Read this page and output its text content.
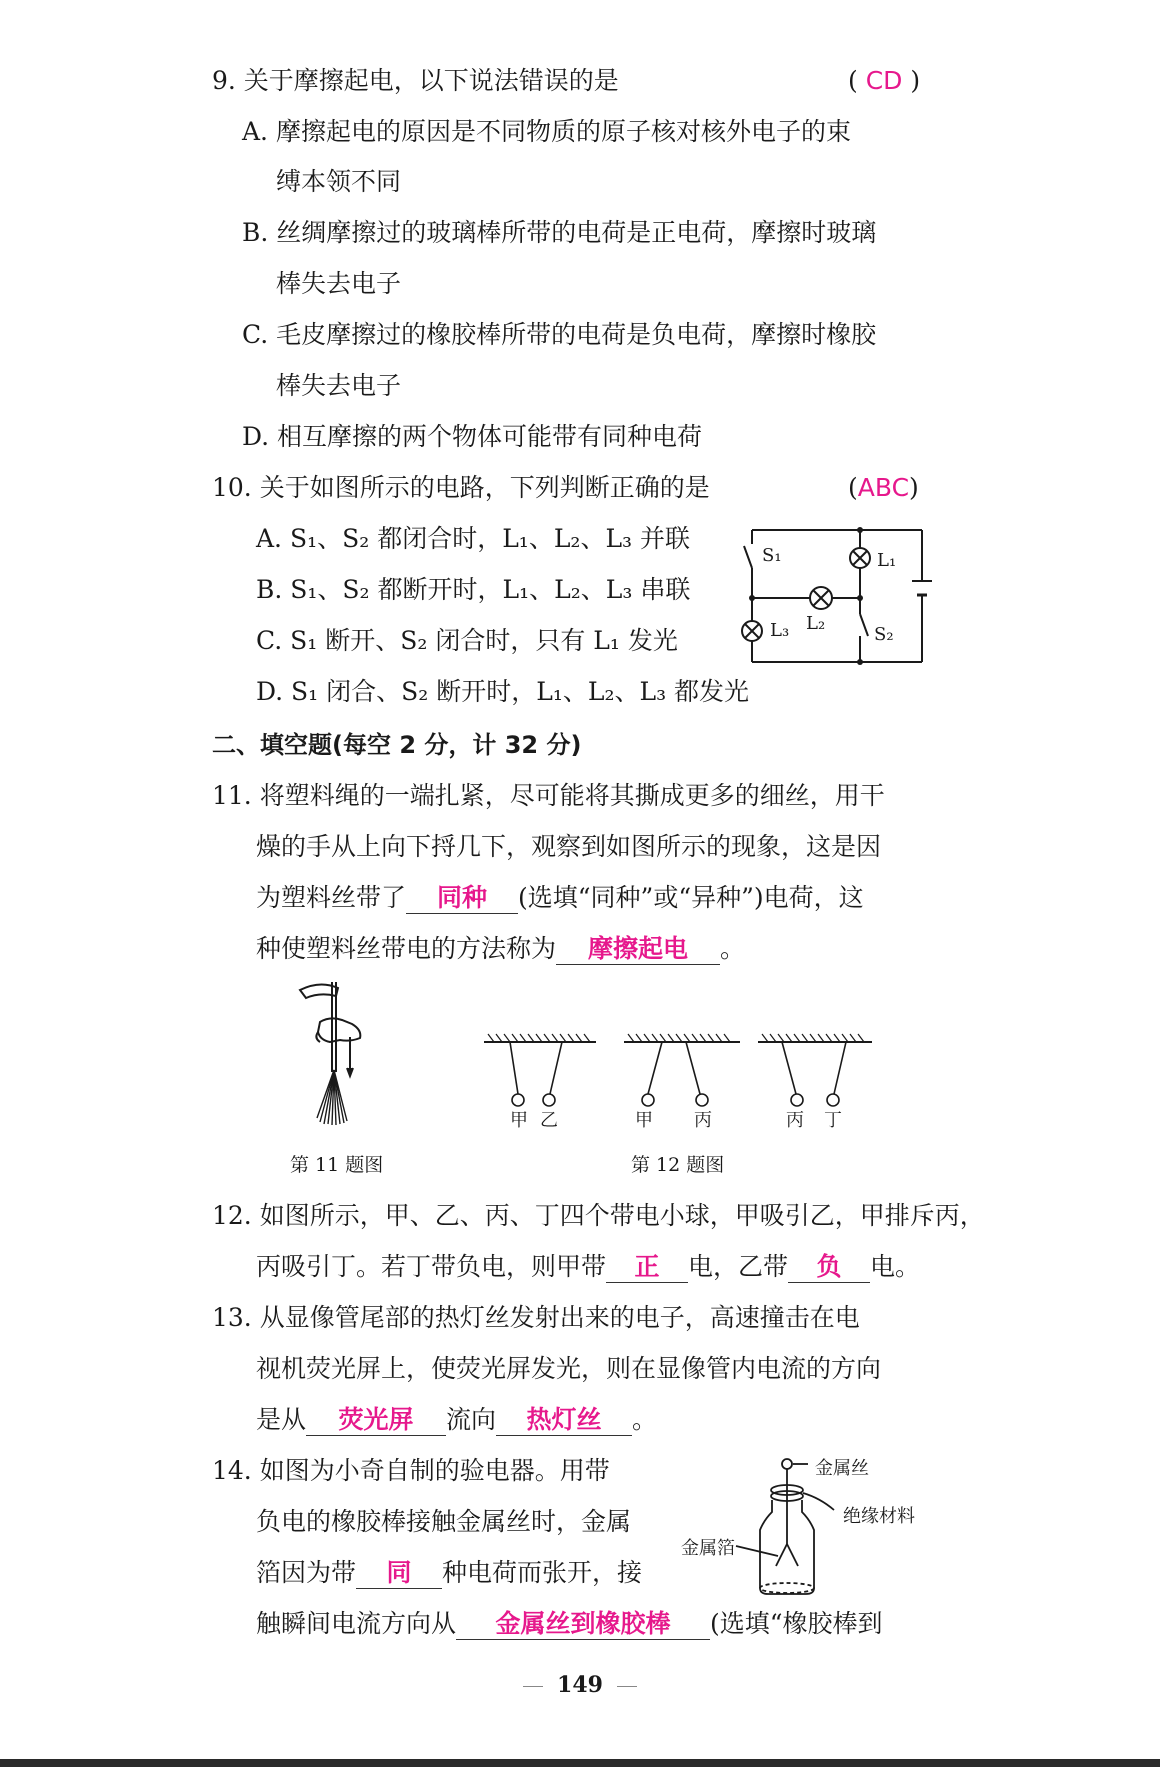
9. 关于摩擦起电，以下说法错误的是	( CD )
A. 摩擦起电的原因是不同物质的原子核对核外电子的束
缚本领不同
B. 丝绸摩擦过的玻璃棒所带的电荷是正电荷，摩擦时玻璃
棒失去电子
C. 毛皮摩擦过的橡胶棒所带的电荷是负电荷，摩擦时橡胶
棒失去电子
D. 相互摩擦的两个物体可能带有同种电荷
10. 关于如图所示的电路，下列判断正确的是	(ABC)
A. S₁、S₂ 都闭合时，L₁、L₂、L₃ 并联
B. S₁、S₂ 都断开时，L₁、L₂、L₃ 串联
C. S₁ 断开、S₂ 闭合时，只有 L₁ 发光
D. S₁ 闭合、S₂ 断开时，L₁、L₂、L₃ 都发光
S₁	L₁
L₂
L₃	S₂
二、填空题(每空 2 分，计 32 分)
11. 将塑料绳的一端扎紧，尽可能将其撕成更多的细丝，用干
燥的手从上向下捋几下，观察到如图所示的现象，这是因
为塑料丝带了 同种 (选填“同种”或“异种”)电荷，这
种使塑料丝带电的方法称为 摩擦起电 。
甲 乙	甲 丙	丙 丁
第 11 题图	第 12 题图
12. 如图所示，甲、乙、丙、丁四个带电小球，甲吸引乙，甲排斥丙，
丙吸引丁。若丁带负电，则甲带 正 电，乙带 负 电。
13. 从显像管尾部的热灯丝发射出来的电子，高速撞击在电
视机荧光屏上，使荧光屏发光，则在显像管内电流的方向
是从 荧光屏 流向 热灯丝 。
14. 如图为小奇自制的验电器。用带
负电的橡胶棒接触金属丝时，金属
箔因为带 同 种电荷而张开，接
触瞬间电流方向从 金属丝到橡胶棒 (选填“橡胶棒到
金属丝
绝缘材料
金属箔
149
